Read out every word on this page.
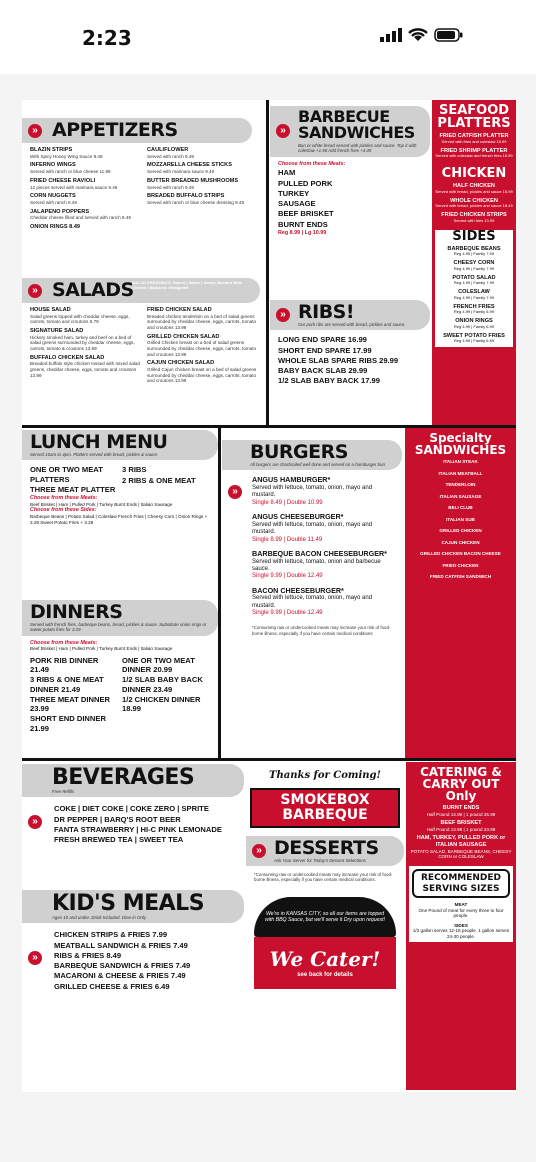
2:23
» APPETIZERS
BLAZIN STRIPS
With Spicy Honey Wing Sauce 9.49
INFERNO WINGS
Served with ranch or blue cheese 11.99
FRIED CHEESE RAVIOLI
12 pieces served with marinara sauce 9.49
CORN NUGGETS
Served with ranch 9.49
JALAPENO POPPERS
Cheddar cheese filled and served with ranch 9.49
ONION RINGS 8.49
CAULIFLOWER
Served with ranch 9.49
MOZZARELLA CHEESE STICKS
Served with marinara sauce 9.49
BUTTER BREADED MUSHROOMS
Served with ranch 9.49
BREADED BUFFALO STRIPS
Served with ranch or blue cheese dressing 9.49
» SALADS
SALAD DRESSINGS: Ranch | Italian | Honey Mustard Blue Cheese | Balsamic Vinaigrette
HOUSE SALAD
Salad greens topped with cheddar cheese, eggs, carrots, tomato and croutons 5.79
SIGNATURE SALAD
Hickory smoked ham, turkey and beef on a bed of salad greens surrounded by cheddar cheese, eggs, carrots, tomato & croutons 13.99
BUFFALO CHICKEN SALAD
Breaded buffalo style chicken tossed with mixed salad greens, cheddar cheese, eggs, tomato and croutons 13.99
FRIED CHICKEN SALAD
Breaded chicken tenderloin on a bed of salad greens surrounded by cheddar cheese, eggs, carrots, tomato and croutons 13.99
GRILLED CHICKEN SALAD
Grilled Chicken breast on a bed of salad greens surrounded by cheddar cheese, eggs, carrots, tomato and croutons 13.99
CAJUN CHICKEN SALAD
Grilled Cajun chicken breast on a bed of salad greens surrounded by cheddar cheese, eggs, carrots, tomato and croutons 13.99
»
BARBECUE SANDWICHES
Bun or white bread served with pickles and sauce. Top it with coleslaw +1.50 Add french fries +4.49
Choose from these Meats:
HAM
PULLED PORK
TURKEY
SAUSAGE
BEEF BRISKET
BURNT ENDS
Reg 8.99 | Lg 10.99
» RIBS!
Our pork ribs are served with bread, pickles and sauce.
LONG END SPARE 16.99
SHORT END SPARE 17.99
WHOLE SLAB SPARE RIBS 29.99
BABY BACK SLAB 29.99
1/2 SLAB BABY BACK 17.99
SEAFOOD PLATTERS
FRIED CATFISH PLATTER
Served with fries and coleslaw 15.99
FRIED SHRIMP PLATTER
Served with coleslaw and french fries 15.99
CHICKEN
HALF CHICKEN
Served with bread, pickles and sauce 15.99
WHOLE CHICKEN
Served with bread, pickles and sauce 18.49
FRIED CHICKEN STRIPS
Served with fries 13.99
SIDES
BARBEQUE BEANS
Reg 4.99 | Family 7.99
CHEESY CORN
Reg 4.99 | Family 7.99
POTATO SALAD
Reg 4.99 | Family 7.99
COLESLAW
Reg 4.99 | Family 7.99
FRENCH FRIES
Reg 4.99 | Family 6.99
ONION RINGS
Reg 4.99 | Family 6.99
SWEET POTATO FRIES
Reg 4.99 | Family 6.99
LUNCH MENU
Served 10am to 4pm. Platters served with bread, pickles & sauce.
ONE OR TWO MEAT PLATTERS
THREE MEAT PLATTER
3 RIBS
2 RIBS & ONE MEAT
Choose from these Meats:
Beef Brisket | Ham | Pulled Pork | Turkey Burnt Ends | Italian Sausage
Choose from these Sides:
Barbeque Beans | Potato Salad | Coleslaw French Fries | Cheesy Corn | Onion Rings + 3.29 Sweet Potato Fries + 3.29
DINNERS
Served with french fries, barbeque beans, bread, pickles & sauce. Substitute onion rings or sweet potato fries for 3.29
Choose from these Meats:
Beef Brisket | Ham | Pulled Pork | Turkey Burnt Ends | Italian Sausage
PORK RIB DINNER 21.49
3 RIBS & ONE MEAT DINNER 21.49
THREE MEAT DINNER 23.99
SHORT END DINNER 21.99
ONE OR TWO MEAT DINNER 20.99
1/2 SLAB BABY BACK DINNER 23.49
1/2 CHICKEN DINNER 18.99
»
BURGERS
All burgers are charbroiled well done and served on a hamburger bun
ANGUS HAMBURGER*
Served with lettuce, tomato, onion, mayo and mustard.
Single 8.49 | Double 10.99
ANGUS CHEESEBURGER*
Served with lettuce, tomato, onion, mayo and mustard.
Single 8.99 | Double 11.49
BARBEQUE BACON CHEESEBURGER*
Served with lettuce, tomato, onion and barbecue sauce.
Single 9.99 | Double 12.49
BACON CHEESEBURGER*
Served with lettuce, tomato, onion, mayo and mustard.
Single 9.99 | Double 12.49
*Consuming raw or undercooked meats may increase your risk of food-borne illness, especially if you have certain medical conditions
Specialty SANDWICHES
ITALIAN STEAK
ITALIAN MEATBALL
TENDERLOIN
ITALIAN SAUSAGE
BELI CLUB
ITALIAN SUB
GRILLED CHICKEN
CAJUN CHICKEN
GRILLED CHICKEN BACON CHEESE
FRIED CHICKEN
FRIED CATFISH SANDWICH
»
BEVERAGES
Free Refills
COKE | DIET COKE | COKE ZERO | SPRITE
DR PEPPER | BARQ'S ROOT BEER
FANTA STRAWBERRY | HI-C PINK LEMONADE
FRESH BREWED TEA | SWEET TEA
»
KID'S MEALS
Ages 10 and under. Drink Included. Dine-in Only
CHICKEN STRIPS & FRIES 7.99
MEATBALL SANDWICH & FRIES 7.49
RIBS & FRIES 8.49
BARBEQUE SANDWICH & FRIES 7.49
MACARONI & CHEESE & FRIES 7.49
GRILLED CHEESE & FRIES 6.49
Thanks for Coming!
SMOKEBOX
BARBEQUE
» DESSERTS
Ask Your Server for Today's Dessert Selections
*Consuming raw or undercooked meats may increase your risk of food-borne illness, especially if you have certain medical conditions.
We're in KANSAS CITY, so all our items are topped with BBQ Sauce, but we'll serve it Dry upon request!
We Cater!
see back for details
CATERING & CARRY OUT Only
BURNT ENDS
Half Pound 14.99 | 1 pound 25.99
BEEF BRISKET
Half Pound 13.99 | 1 pound 23.99
HAM, TURKEY, PULLED PORK or ITALIAN SAUSAGE
POTATO SALAD, BARBEQUE BEANS, CHEESY CORN or COLESLAW
RECOMMENDED SERVING SIZES
MEAT
One Pound of meat for every three to four people.
SIDES
1/2 gallon serves 12-15 people. 1 gallon serves 24-30 people.
